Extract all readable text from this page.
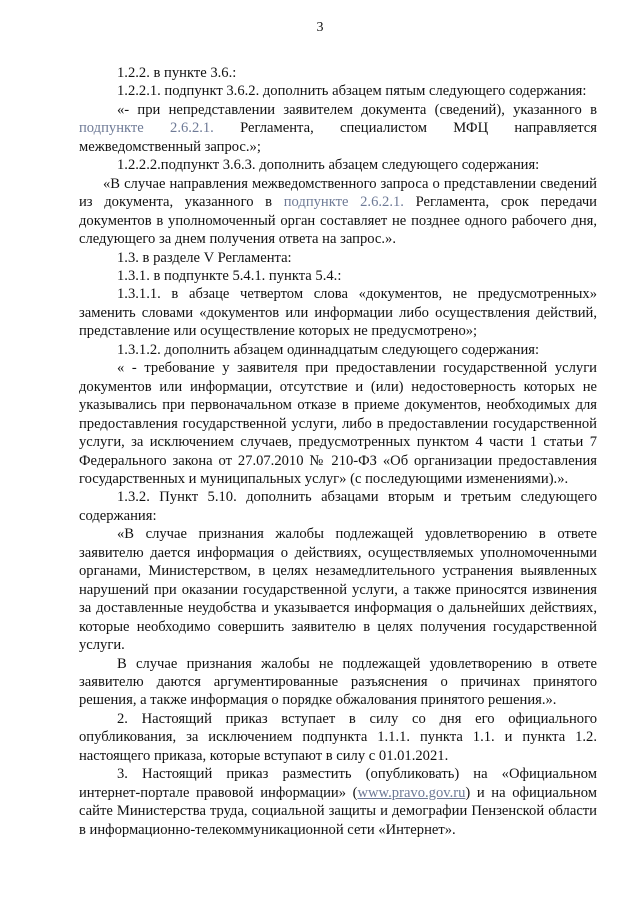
3

1.2.2. в пункте 3.6.:

1.2.2.1. подпункт 3.6.2. дополнить абзацем пятым следующего содержания:

«- при непредставлении заявителем документа (сведений), указанного в подпункте 2.6.2.1. Регламента, специалистом МФЦ направляется межведомственный запрос.»;

1.2.2.2.подпункт 3.6.3. дополнить абзацем следующего содержания:

«В случае направления межведомственного запроса о представлении сведений из документа, указанного в подпункте 2.6.2.1. Регламента, срок передачи документов в уполномоченный орган составляет не позднее одного рабочего дня, следующего за днем получения ответа на запрос.».

1.3. в разделе V Регламента:

1.3.1. в подпункте 5.4.1. пункта 5.4.:

1.3.1.1. в абзаце четвертом слова «документов, не предусмотренных» заменить словами «документов или информации либо осуществления действий, представление или осуществление которых не предусмотрено»;

1.3.1.2. дополнить абзацем одиннадцатым следующего содержания:

« - требование у заявителя при предоставлении государственной услуги документов или информации, отсутствие и (или) недостоверность которых не указывались при первоначальном отказе в приеме документов, необходимых для предоставления государственной услуги, либо в предоставлении государственной услуги, за исключением случаев, предусмотренных пунктом 4 части 1 статьи 7 Федерального закона от 27.07.2010 № 210-ФЗ «Об организации предоставления государственных и муниципальных услуг» (с последующими изменениями).».

1.3.2. Пункт 5.10. дополнить абзацами вторым и третьим следующего содержания:

«В случае признания жалобы подлежащей удовлетворению в ответе заявителю дается информация о действиях, осуществляемых уполномоченными органами, Министерством, в целях незамедлительного устранения выявленных нарушений при оказании государственной услуги, а также приносятся извинения за доставленные неудобства и указывается информация о дальнейших действиях, которые необходимо совершить заявителю в целях получения государственной услуги.

В случае признания жалобы не подлежащей удовлетворению в ответе заявителю даются аргументированные разъяснения о причинах принятого решения, а также информация о порядке обжалования принятого решения.».

2. Настоящий приказ вступает в силу со дня его официального опубликования, за исключением подпункта 1.1.1. пункта 1.1. и пункта 1.2. настоящего приказа, которые вступают в силу с 01.01.2021.

3. Настоящий приказ разместить (опубликовать) на «Официальном интернет-портале правовой информации» (www.pravo.gov.ru) и на официальном сайте Министерства труда, социальной защиты и демографии Пензенской области в информационно-телекоммуникационной сети «Интернет».
